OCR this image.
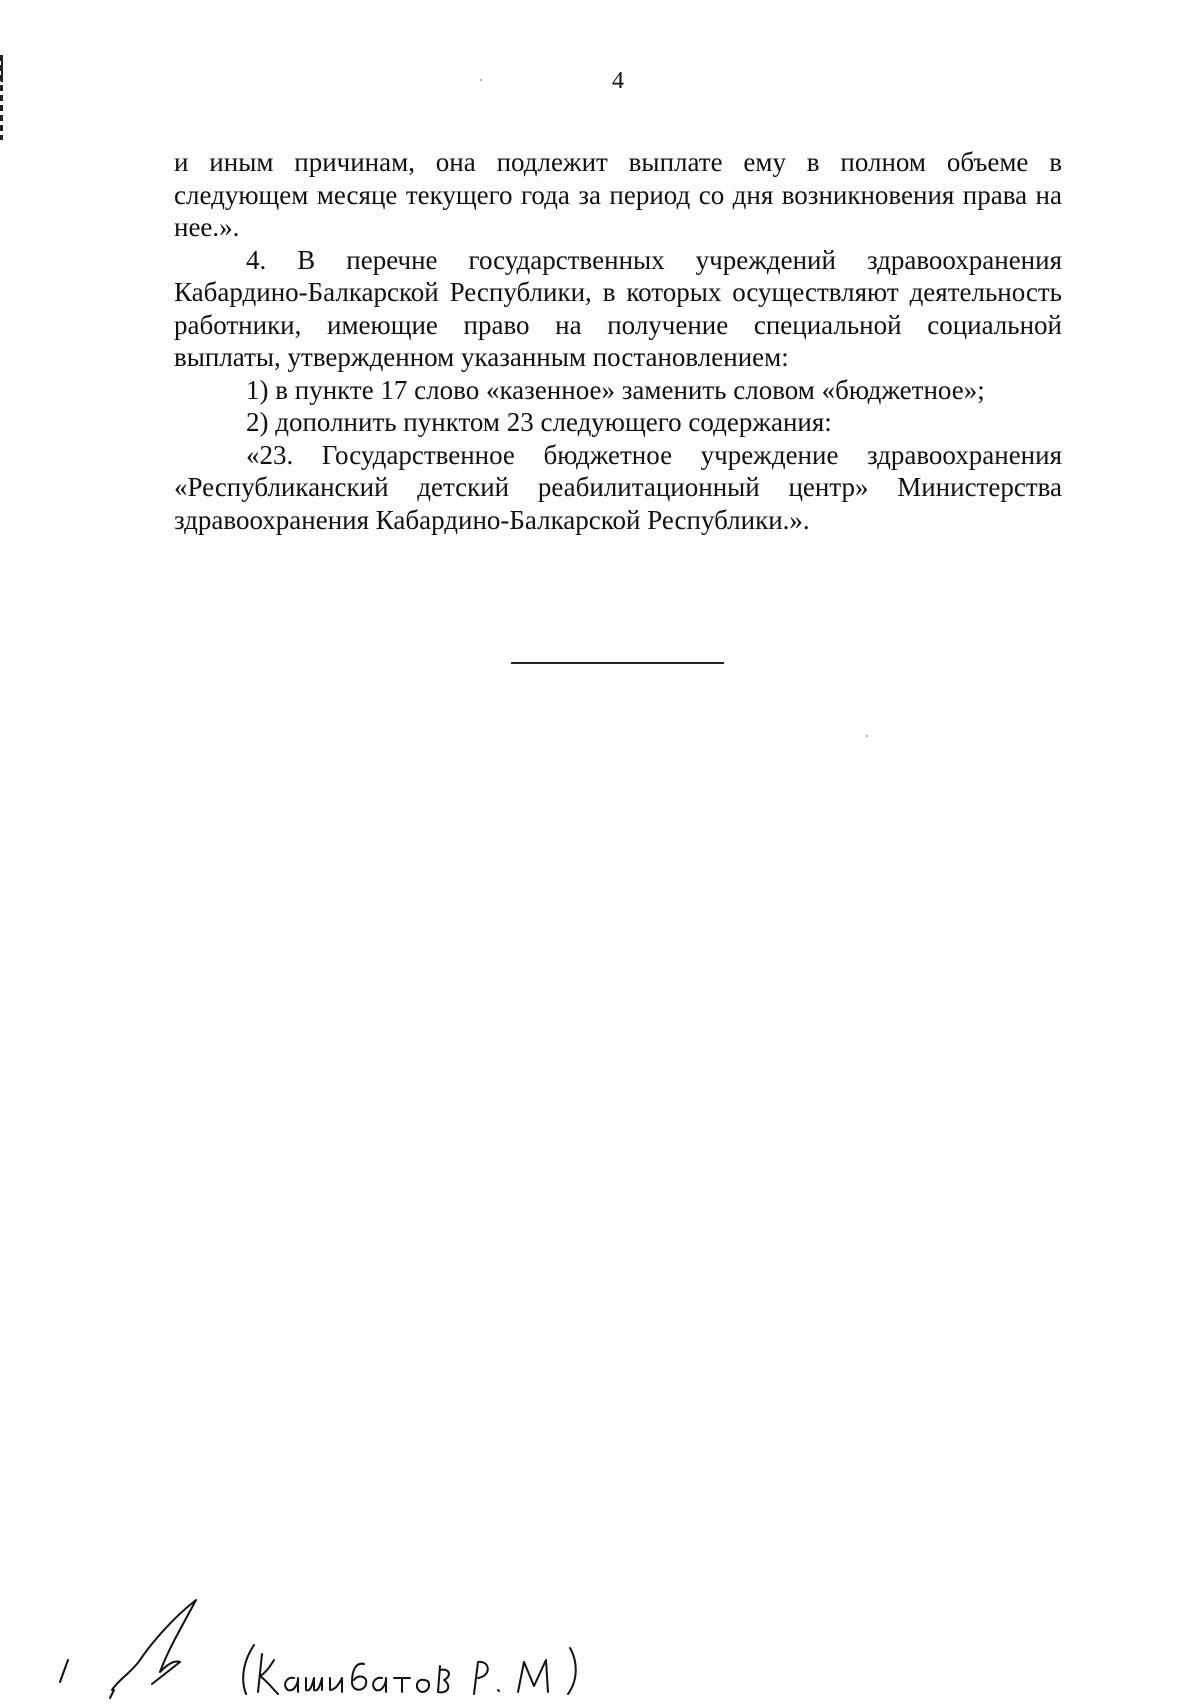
4

и иным причинам, она подлежит выплате ему в полном объеме в следующем месяце текущего года за период со дня возникновения права на нее.».

4. В перечне государственных учреждений здравоохранения Кабардино-Балкарской Республики, в которых осуществляют деятельность работники, имеющие право на получение специальной социальной выплаты, утвержденном указанным постановлением:

1) в пункте 17 слово «казенное» заменить словом «бюджетное»;

2) дополнить пунктом 23 следующего содержания:

«23. Государственное бюджетное учреждение здравоохранения «Республиканский детский реабилитационный центр» Министерства здравоохранения Кабардино-Балкарской Республики.».
